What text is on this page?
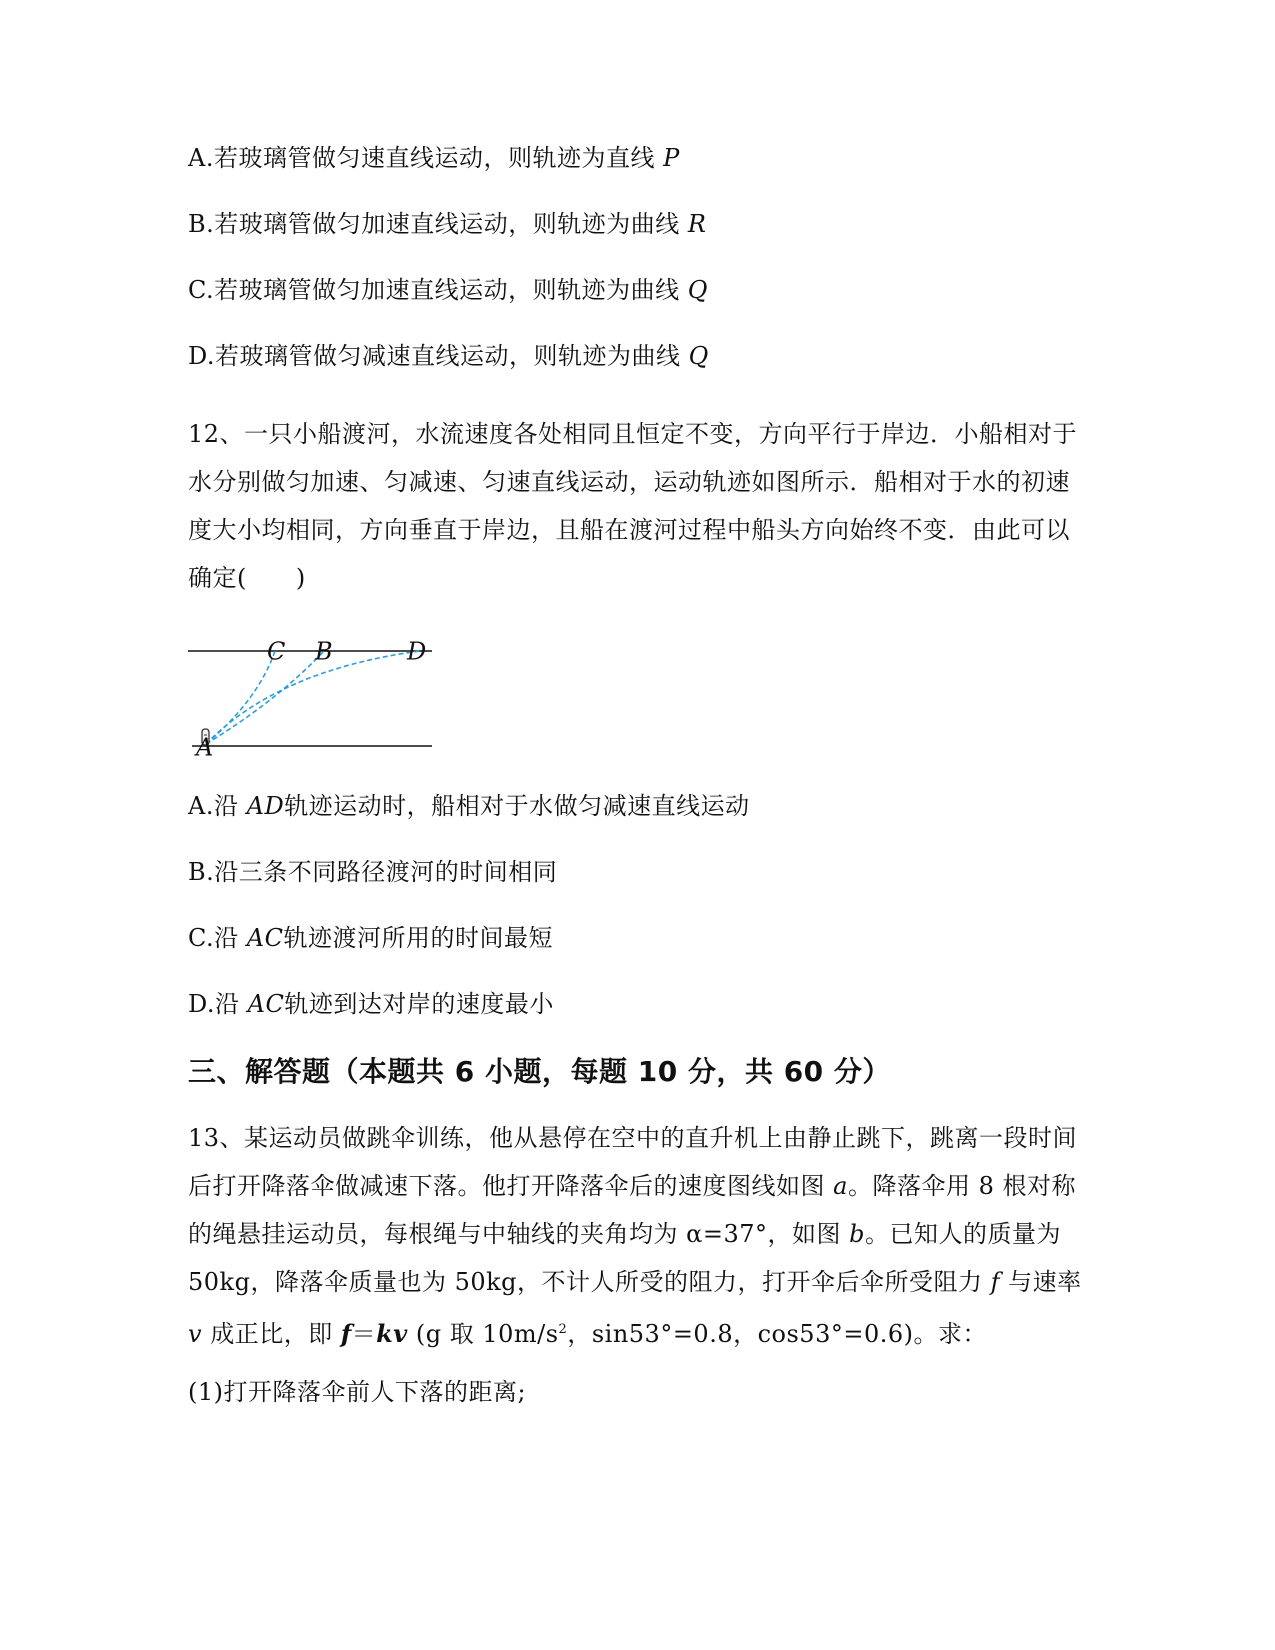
A.若玻璃管做匀速直线运动，则轨迹为直线 P
B.若玻璃管做匀加速直线运动，则轨迹为曲线 R
C.若玻璃管做匀加速直线运动，则轨迹为曲线 Q
D.若玻璃管做匀减速直线运动，则轨迹为曲线 Q
12、一只小船渡河，水流速度各处相同且恒定不变，方向平行于岸边．小船相对于
水分别做匀加速、匀减速、匀速直线运动，运动轨迹如图所示．船相对于水的初速
度大小均相同，方向垂直于岸边，且船在渡河过程中船头方向始终不变．由此可以
确定(　　)
C B	D
A
A.沿 AD轨迹运动时，船相对于水做匀减速直线运动
B.沿三条不同路径渡河的时间相同
C.沿 AC轨迹渡河所用的时间最短
D.沿 AC轨迹到达对岸的速度最小
三、解答题（本题共 6 小题，每题 10 分，共 60 分）
13、某运动员做跳伞训练，他从悬停在空中的直升机上由静止跳下，跳离一段时间
后打开降落伞做减速下落。他打开降落伞后的速度图线如图 a。降落伞用 8 根对称
的绳悬挂运动员，每根绳与中轴线的夹角均为 α=37°，如图 b。已知人的质量为
50kg，降落伞质量也为 50kg，不计人所受的阻力，打开伞后伞所受阻力 f 与速率
v 成正比，即 f＝kv (g 取 $10m/s^2$，sin53°=0.8，cos53°=0.6)。求：
(1)打开降落伞前人下落的距离;
